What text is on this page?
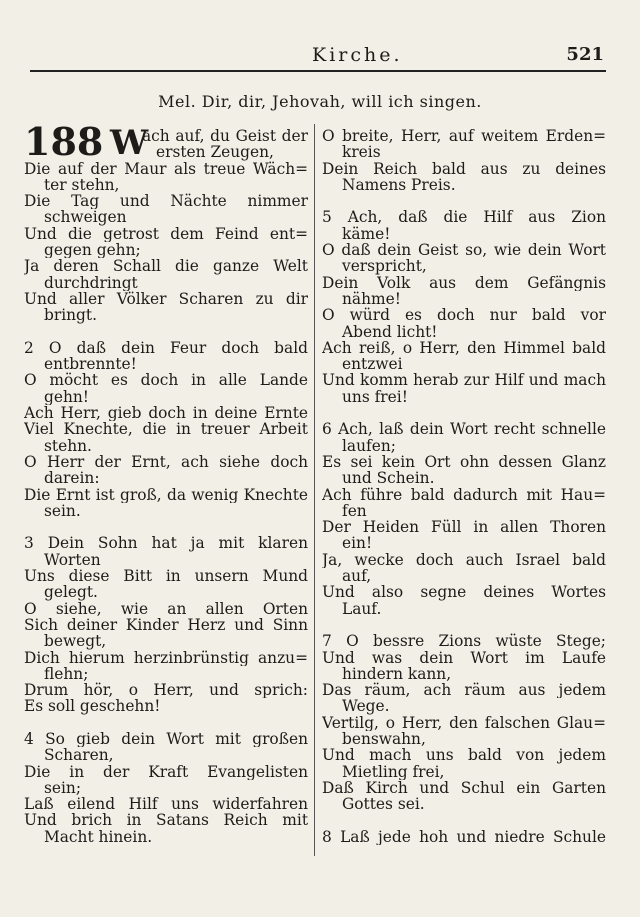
Kirche.	521
Mel. Dir, dir, Jehovah, will ich singen.
188 W
ach auf, du Geist der
ersten Zeugen,
Die auf der Maur als treue Wäch=
ter stehn,
Die Tag und Nächte nimmer
schweigen
Und die getrost dem Feind ent=
gegen gehn;
Ja deren Schall die ganze Welt
durchdringt
Und aller Völker Scharen zu dir
bringt.
2 O daß dein Feur doch bald
entbrennte!
O möcht es doch in alle Lande
gehn!
Ach Herr, gieb doch in deine Ernte
Viel Knechte, die in treuer Arbeit
stehn.
O Herr der Ernt, ach siehe doch
darein:
Die Ernt ist groß, da wenig Knechte
sein.
3 Dein Sohn hat ja mit klaren
Worten
Uns diese Bitt in unsern Mund
gelegt.
O siehe, wie an allen Orten
Sich deiner Kinder Herz und Sinn
bewegt,
Dich hierum herzinbrünstig anzu=
flehn;
Drum hör, o Herr, und sprich:
Es soll geschehn!
4 So gieb dein Wort mit großen
Scharen,
Die in der Kraft Evangelisten
sein;
Laß eilend Hilf uns widerfahren
Und brich in Satans Reich mit
Macht hinein.
O breite, Herr, auf weitem Erden=
kreis
Dein Reich bald aus zu deines
Namens Preis.
5 Ach, daß die Hilf aus Zion
käme!
O daß dein Geist so, wie dein Wort
verspricht,
Dein Volk aus dem Gefängnis
nähme!
O würd es doch nur bald vor
Abend licht!
Ach reiß, o Herr, den Himmel bald
entzwei
Und komm herab zur Hilf und mach
uns frei!
6 Ach, laß dein Wort recht schnelle
laufen;
Es sei kein Ort ohn dessen Glanz
und Schein.
Ach führe bald dadurch mit Hau=
fen
Der Heiden Füll in allen Thoren
ein!
Ja, wecke doch auch Israel bald
auf,
Und also segne deines Wortes
Lauf.
7 O bessre Zions wüste Stege;
Und was dein Wort im Laufe
hindern kann,
Das räum, ach räum aus jedem
Wege.
Vertilg, o Herr, den falschen Glau=
benswahn,
Und mach uns bald von jedem
Mietling frei,
Daß Kirch und Schul ein Garten
Gottes sei.
8 Laß jede hoh und niedre Schule
